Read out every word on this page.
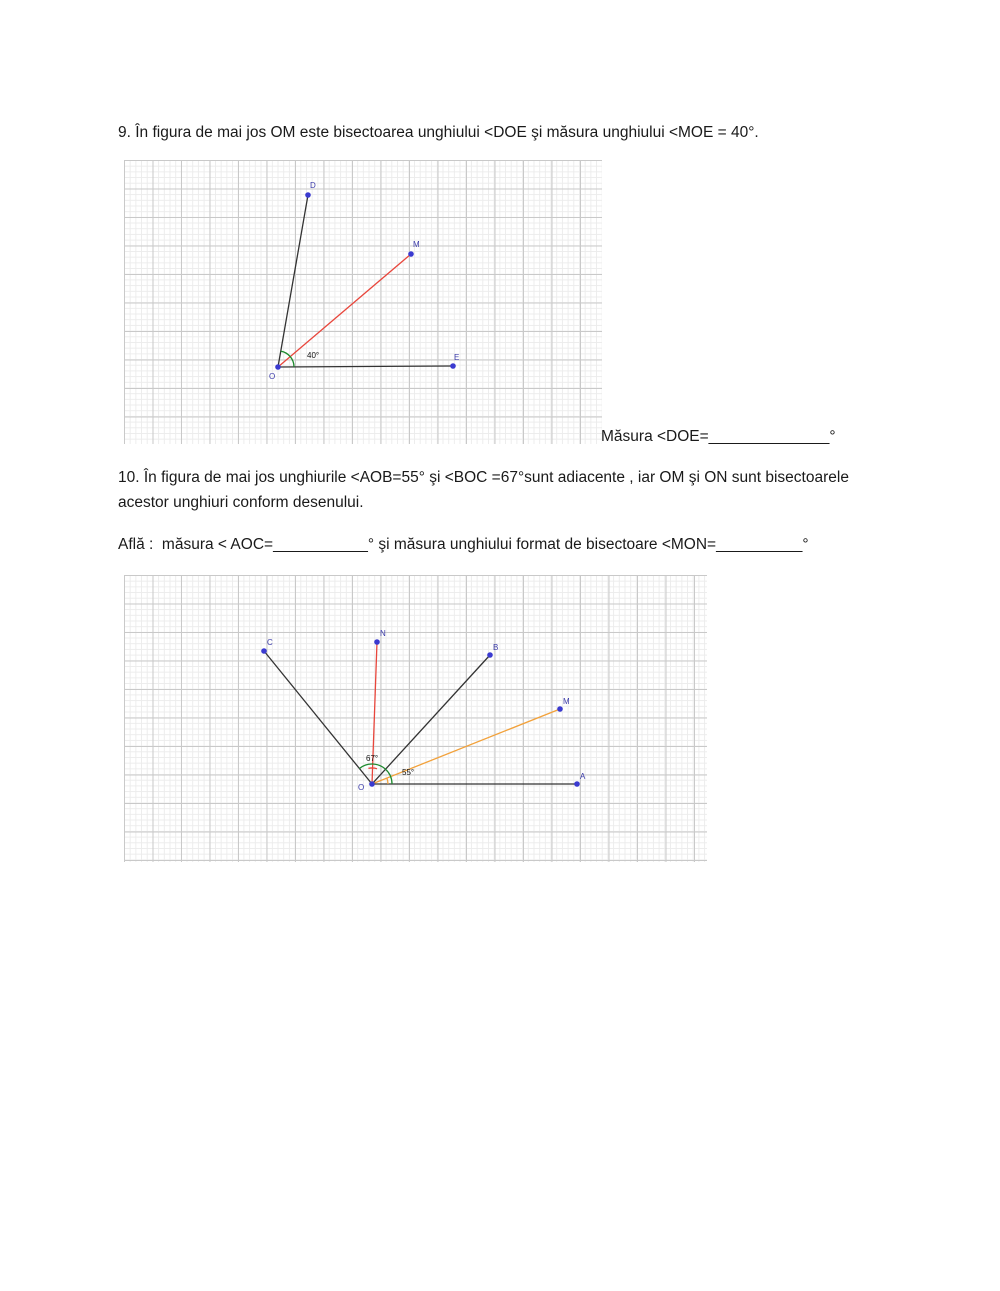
9. În figura de mai jos OM este bisectoarea unghiului <DOE şi măsura unghiului <MOE = 40°.
O
D
M
E
40°
Măsura <DOE=______________°
10. În figura de mai jos unghiurile <AOB=55° şi <BOC =67°sunt adiacente , iar OM şi ON sunt bisectoarele
acestor unghiuri conform desenului.
Află :  măsura < AOC=___________° şi măsura unghiului format de bisectoare <MON=__________°
O
A
B
C
N
M
67°
55°
